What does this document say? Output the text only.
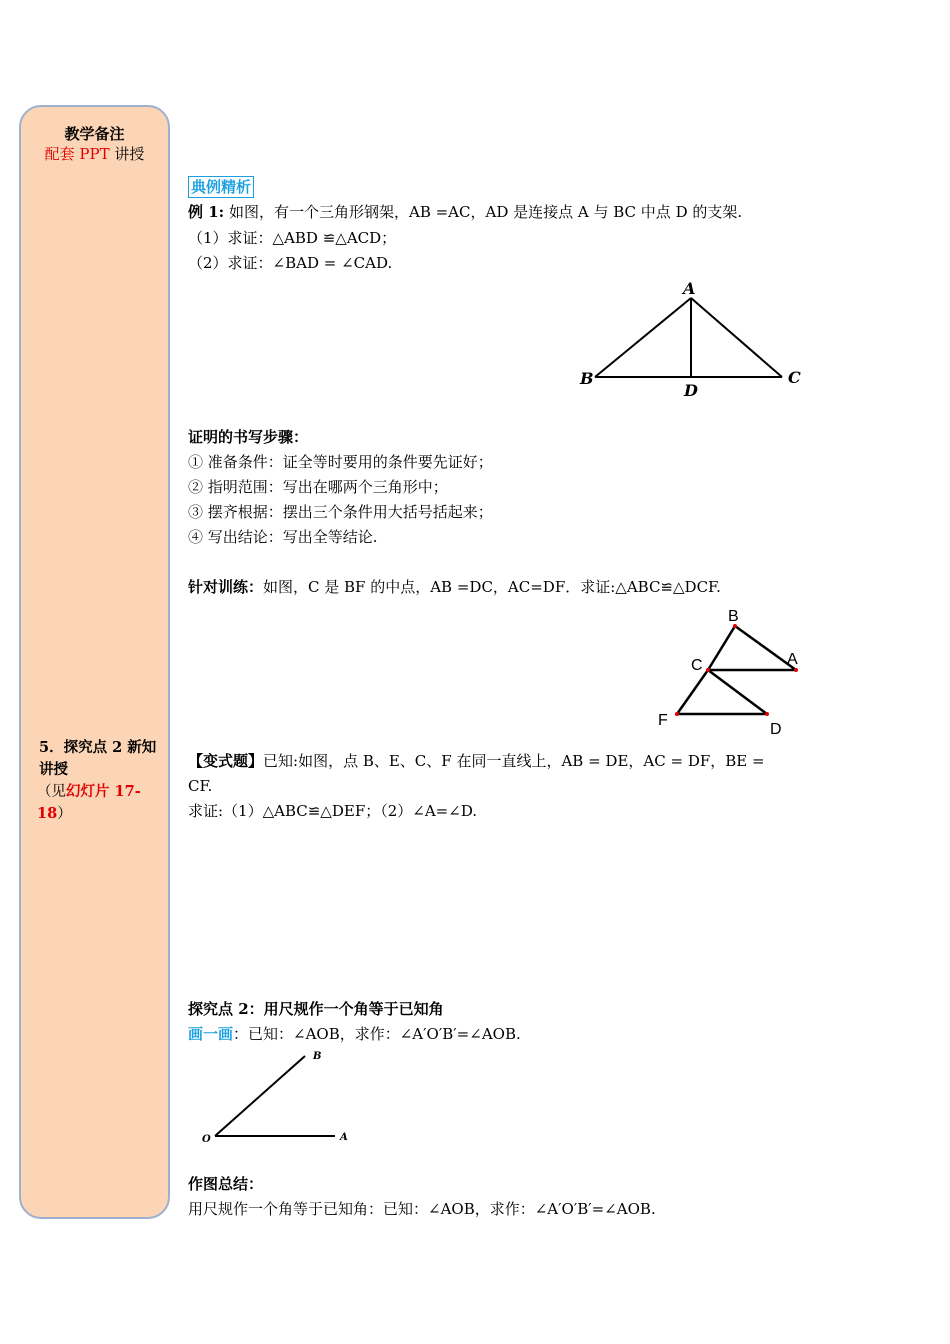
教学备注
配套 PPT 讲授
5．探究点 2 新知讲授
（见幻灯片 17-18）
典例精析
例 1: 如图，有一个三角形钢架，AB =AC，AD 是连接点 A 与 BC 中点 D 的支架.
（1）求证：△ABD ≌△ACD；
（2）求证：∠BAD = ∠CAD.
A
B	C
D
证明的书写步骤：
① 准备条件：证全等时要用的条件要先证好；
② 指明范围：写出在哪两个三角形中；
③ 摆齐根据：摆出三个条件用大括号括起来；
④ 写出结论：写出全等结论.
针对训练：如图，C 是 BF 的中点，AB =DC，AC=DF．求证:△ABC≌△DCF.
B
C	A
F
D
【变式题】已知:如图，点 B、E、C、F 在同一直线上，AB = DE，AC = DF，BE =
CF.
求证:（1）△ABC≌△DEF；（2）∠A=∠D.
探究点 2：用尺规作一个角等于已知角
画一画：已知：∠AOB，求作：∠A′O′B′=∠AOB.
O	A
B
作图总结：
用尺规作一个角等于已知角：已知：∠AOB，求作：∠A′O′B′=∠AOB.
